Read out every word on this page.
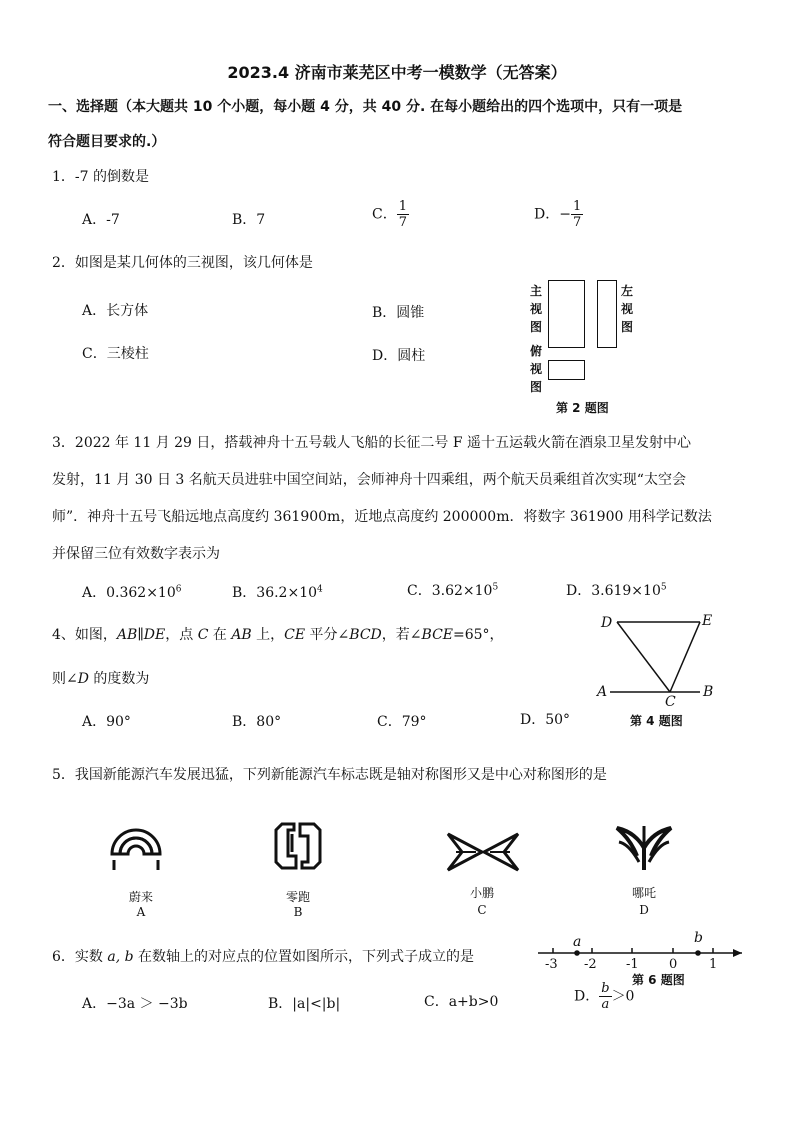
2023.4 济南市莱芜区中考一模数学（无答案）
一、选择题（本大题共 10 个小题，每小题 4 分，共 40 分. 在每小题给出的四个选项中，只有一项是
符合题目要求的.）
1．-7 的倒数是
A．-7	B．7	C． $\frac{1}{7}$	D．− $\frac{1}{7}$
2．如图是某几何体的三视图，该几何体是
A．长方体	B．圆锥
C．三棱柱	D．圆柱
主
视
图
左
视
图
俯
视
图
第 2 题图
3．2022 年 11 月 29 日，搭载神舟十五号载人飞船的长征二号 F 遥十五运载火箭在酒泉卫星发射中心
发射，11 月 30 日 3 名航天员进驻中国空间站，会师神舟十四乘组，两个航天员乘组首次实现“太空会
师”．神舟十五号飞船远地点高度约 361900m，近地点高度约 200000m．将数字 361900 用科学记数法
并保留三位有效数字表示为
A．$0.362\times 10^6$	B．$36.2\times 10^4$	C．$3.62\times 10^5$	D．$3.619\times 10^5$
4、如图，AB∥DE，点 C 在 AB 上，CE 平分∠BCD，若∠BCE=65°，
则∠D 的度数为
A．90°	B．80°	C．79°	D．50°
D	E
A
C
B
第 4 题图
5．我国新能源汽车发展迅猛，下列新能源汽车标志既是轴对称图形又是中心对称图形的是
蔚来
A
零跑
B
小鹏
C
哪吒
D
6．实数 a, b 在数轴上的对应点的位置如图所示，下列式子成立的是
A．−3a ＞ −3b	B．|a|<|b|	C．a+b>0	D． $\frac{b}{a} >0$
-3 -2 -1 0 1
a	b
第 6 题图
